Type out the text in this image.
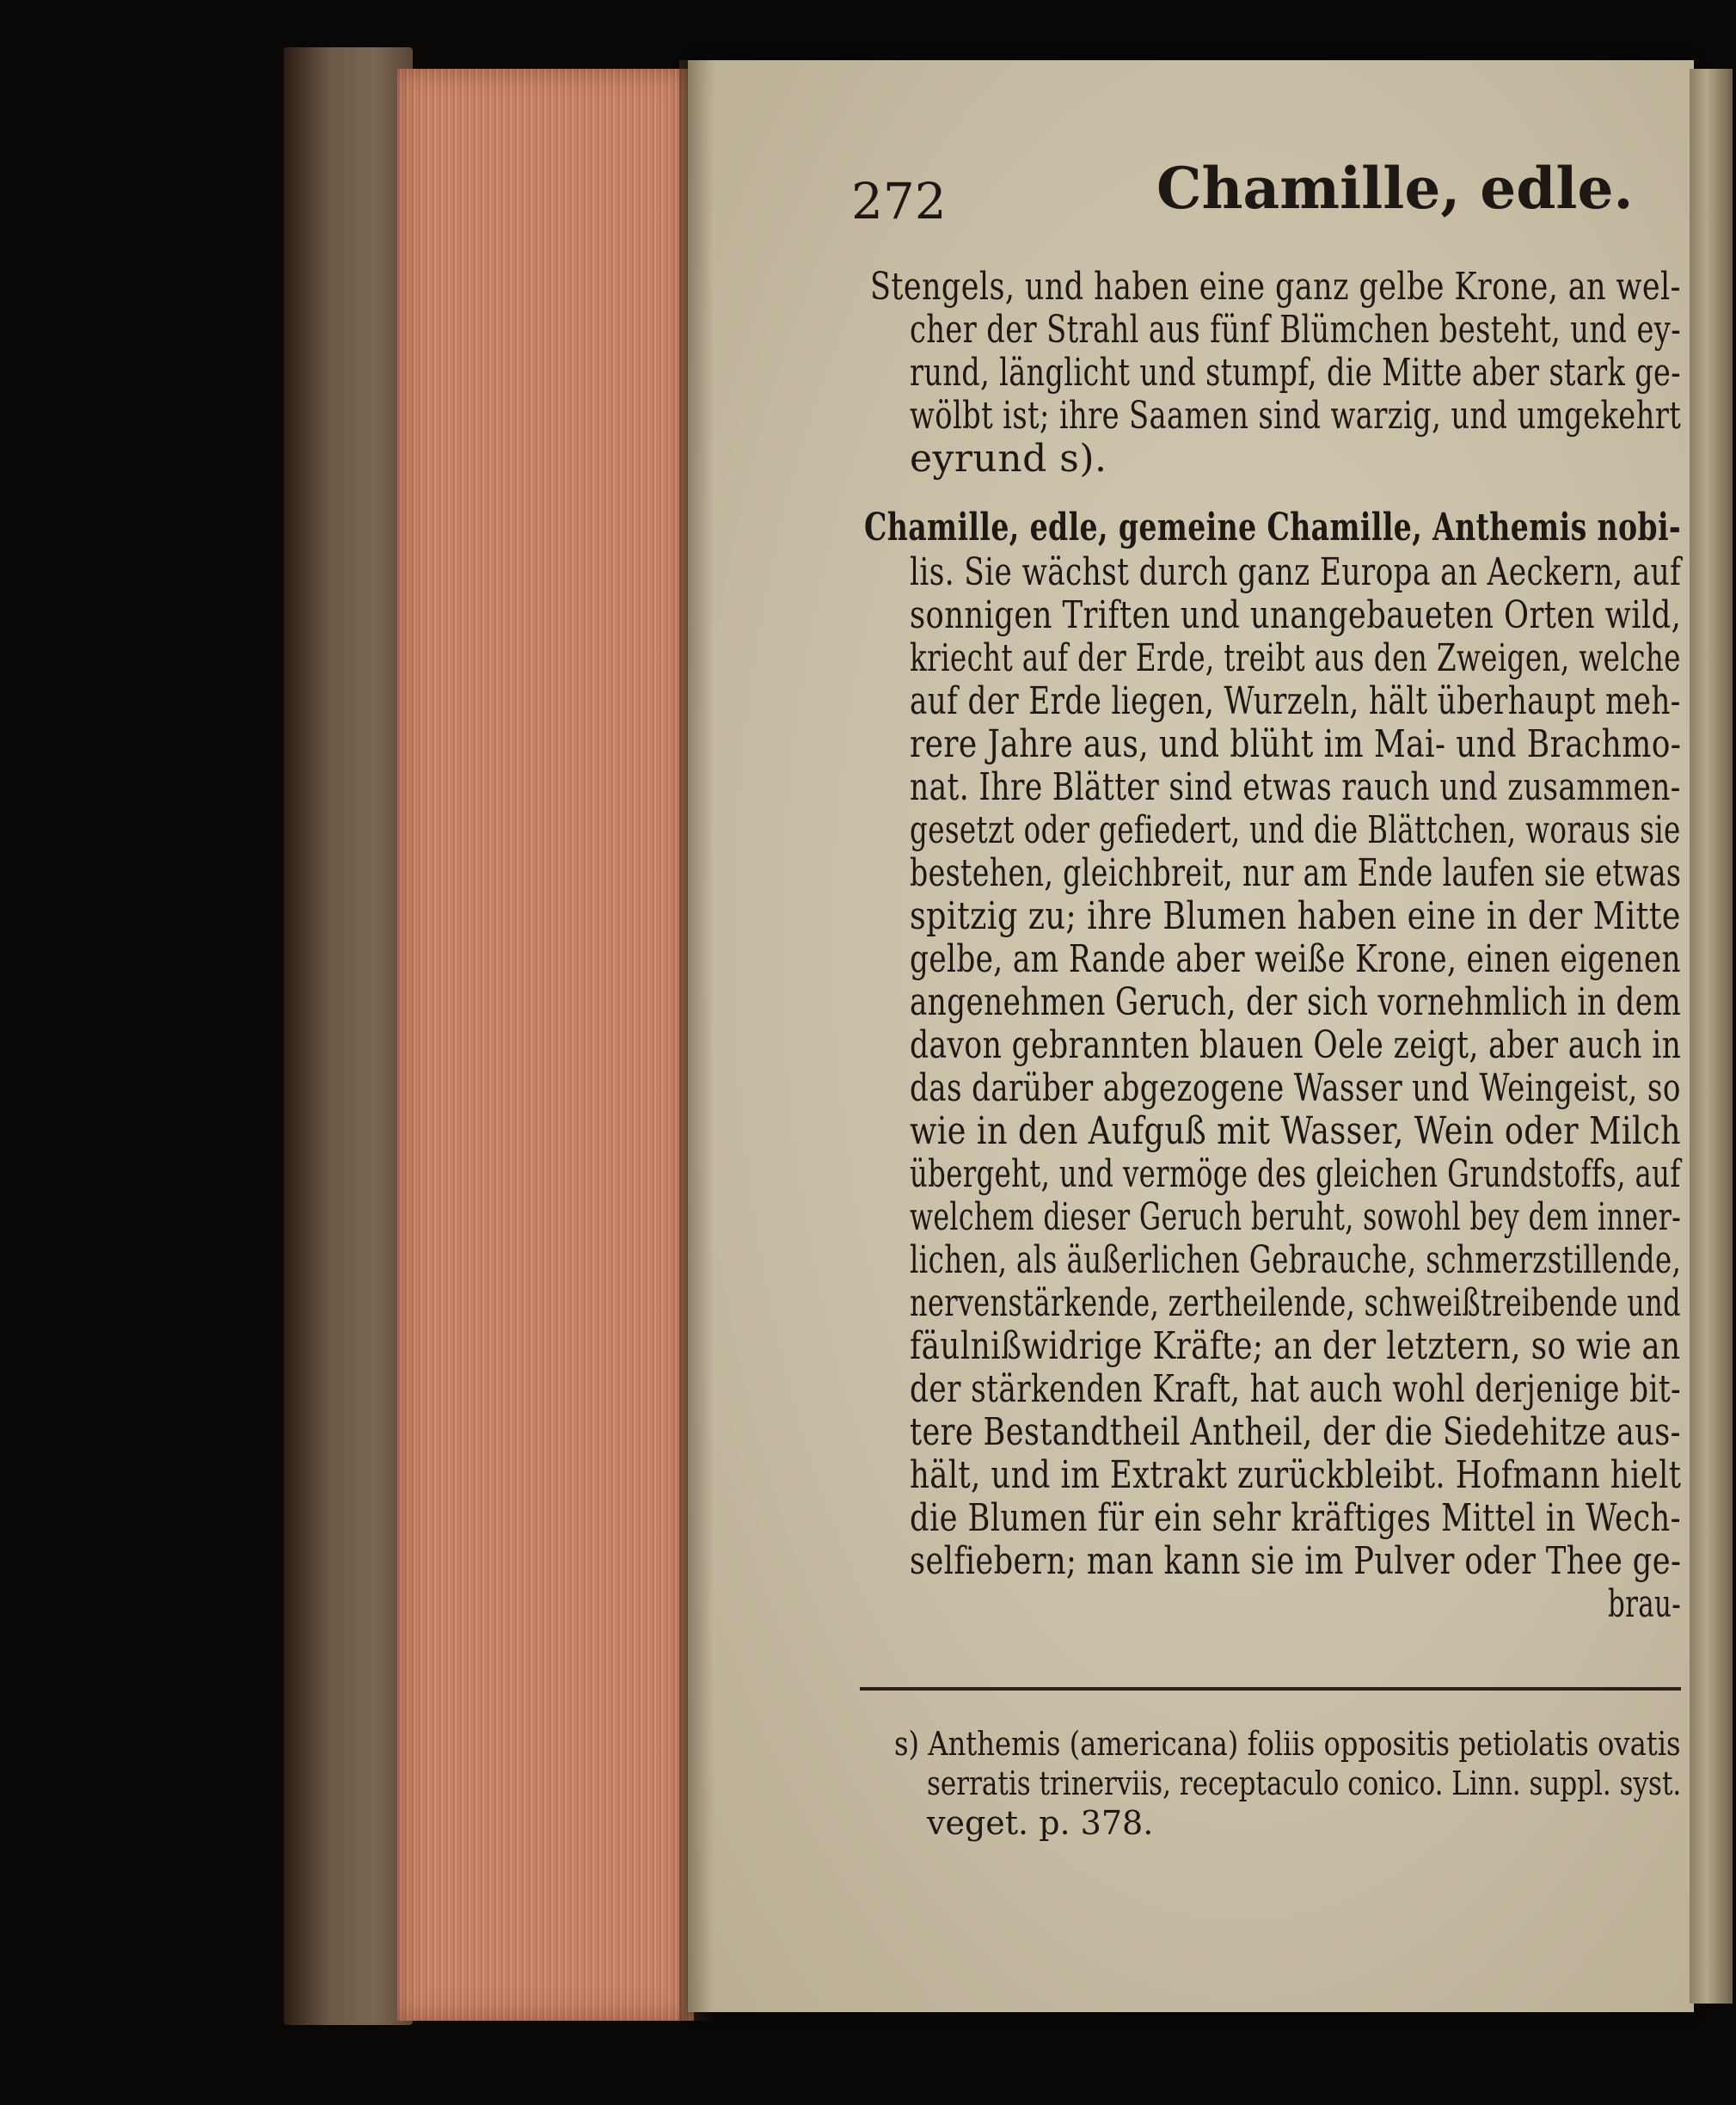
272	Chamille, edle.
Stengels, und haben eine ganz gelbe Krone, an wel-
cher der Strahl aus fünf Blümchen besteht, und ey-
rund, länglicht und stumpf, die Mitte aber stark ge-
wölbt ist; ihre Saamen sind warzig, und umgekehrt
eyrund s).
Chamille, edle, gemeine Chamille, Anthemis nobi-
lis. Sie wächst durch ganz Europa an Aeckern, auf
sonnigen Triften und unangebaueten Orten wild,
kriecht auf der Erde, treibt aus den Zweigen, welche
auf der Erde liegen, Wurzeln, hält überhaupt meh-
rere Jahre aus, und blüht im Mai- und Brachmo-
nat. Ihre Blätter sind etwas rauch und zusammen-
gesetzt oder gefiedert, und die Blättchen, woraus sie
bestehen, gleichbreit, nur am Ende laufen sie etwas
spitzig zu; ihre Blumen haben eine in der Mitte
gelbe, am Rande aber weiße Krone, einen eigenen
angenehmen Geruch, der sich vornehmlich in dem
davon gebrannten blauen Oele zeigt, aber auch in
das darüber abgezogene Wasser und Weingeist, so
wie in den Aufguß mit Wasser, Wein oder Milch
übergeht, und vermöge des gleichen Grundstoffs, auf
welchem dieser Geruch beruht, sowohl bey dem inner-
lichen, als äußerlichen Gebrauche, schmerzstillende,
nervenstärkende, zertheilende, schweißtreibende und
fäulnißwidrige Kräfte; an der letztern, so wie an
der stärkenden Kraft, hat auch wohl derjenige bit-
tere Bestandtheil Antheil, der die Siedehitze aus-
hält, und im Extrakt zurückbleibt. Hofmann hielt
die Blumen für ein sehr kräftiges Mittel in Wech-
selfiebern; man kann sie im Pulver oder Thee ge-
brau-
s) Anthemis (americana) foliis oppositis petiolatis ovatis
serratis trinerviis, receptaculo conico. Linn. suppl. syst.
veget. p. 378.
